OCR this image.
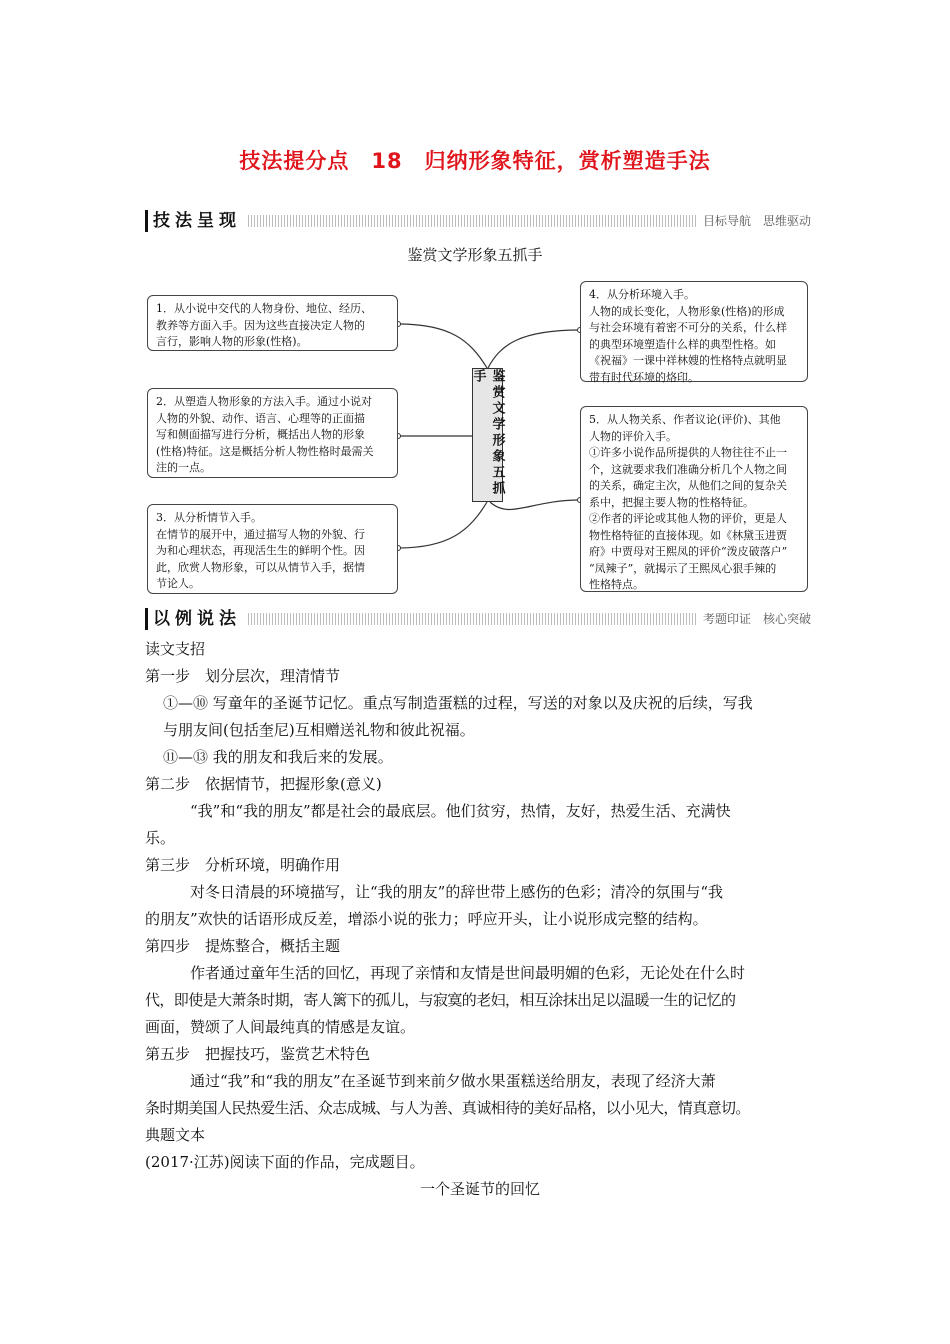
技法提分点　18　归纳形象特征，赏析塑造手法
技法呈现	目标导航　思维驱动
鉴赏文学形象五抓手
1．从小说中交代的人物身份、地位、经历、
教养等方面入手。因为这些直接决定人物的
言行，影响人物的形象(性格)。
2．从塑造人物形象的方法入手。通过小说对
人物的外貌、动作、语言、心理等的正面描
写和侧面描写进行分析，概括出人物的形象
(性格)特征。这是概括分析人物性格时最需关
注的一点。
3．从分析情节入手。
在情节的展开中，通过描写人物的外貌、行
为和心理状态，再现活生生的鲜明个性。因
此，欣赏人物形象，可以从情节入手，据情
节论人。
鉴赏文学形象五抓手
4．从分析环境入手。
人物的成长变化，人物形象(性格)的形成
与社会环境有着密不可分的关系，什么样
的典型环境塑造什么样的典型性格。如
《祝福》一课中祥林嫂的性格特点就明显
带有时代环境的烙印。
5．从人物关系、作者议论(评价)、其他
人物的评价入手。
①许多小说作品所提供的人物往往不止一
个，这就要求我们准确分析几个人物之间
的关系，确定主次，从他们之间的复杂关
系中，把握主要人物的性格特征。
②作者的评论或其他人物的评价，更是人
物性格特征的直接体现。如《林黛玉进贾
府》中贾母对王熙凤的评价“泼皮破落户”
“凤辣子”，就揭示了王熙凤心狠手辣的
性格特点。
以例说法	考题印证　核心突破
读文支招
第一步　划分层次，理清情节
①—⑩ 写童年的圣诞节记忆。重点写制造蛋糕的过程，写送的对象以及庆祝的后续，写我
与朋友间(包括奎尼)互相赠送礼物和彼此祝福。
⑪—⑬ 我的朋友和我后来的发展。
第二步　依据情节，把握形象(意义)
“我”和“我的朋友”都是社会的最底层。他们贫穷，热情，友好，热爱生活、充满快
乐。
第三步　分析环境，明确作用
对冬日清晨的环境描写，让“我的朋友”的辞世带上感伤的色彩；清冷的氛围与“我
的朋友”欢快的话语形成反差，增添小说的张力；呼应开头，让小说形成完整的结构。
第四步　提炼整合，概括主题
作者通过童年生活的回忆，再现了亲情和友情是世间最明媚的色彩，无论处在什么时
代，即使是大萧条时期，寄人篱下的孤儿，与寂寞的老妇，相互涂抹出足以温暖一生的记忆的
画面，赞颂了人间最纯真的情感是友谊。
第五步　把握技巧，鉴赏艺术特色
通过“我”和“我的朋友”在圣诞节到来前夕做水果蛋糕送给朋友，表现了经济大萧
条时期美国人民热爱生活、众志成城、与人为善、真诚相待的美好品格，以小见大，情真意切。
典题文本
(2017·江苏)阅读下面的作品，完成题目。
一个圣诞节的回忆
